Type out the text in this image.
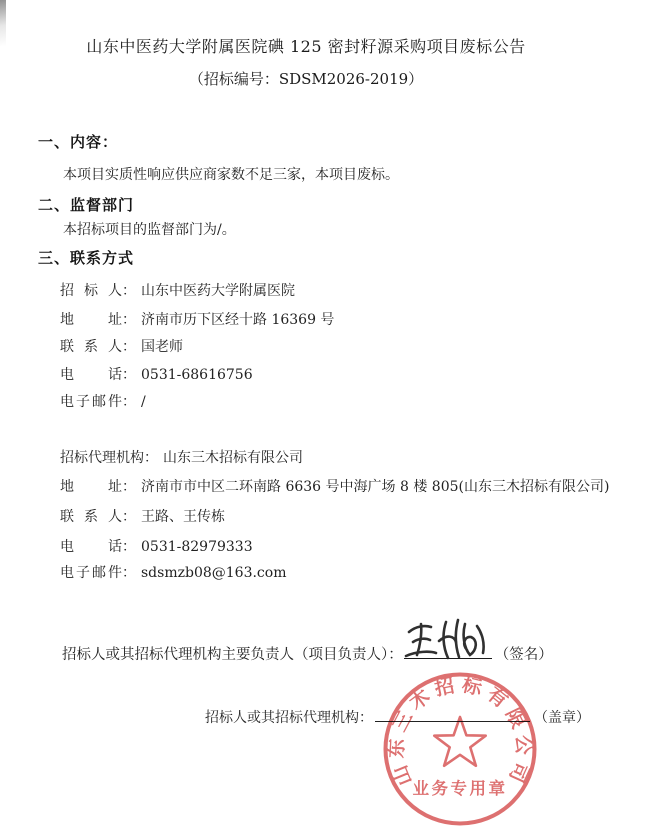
山东中医药大学附属医院碘 125 密封籽源采购项目废标公告
（招标编号：SDSM2026-2019）
一、内容：
本项目实质性响应供应商家数不足三家，本项目废标。
二、监督部门
本招标项目的监督部门为/。
三、联系方式
招标人： 山东中医药大学附属医院
地址： 济南市历下区经十路 16369 号
联系人： 国老师
电话： 0531-68616756
电子邮件： /
招标代理机构： 山东三木招标有限公司
地址： 济南市市中区二环南路 6636 号中海广场 8 楼 805(山东三木招标有限公司)
联系人： 王路、王传栋
电话： 0531-82979333
电子邮件： sdsmzb08@163.com
招标人或其招标代理机构主要负责人（项目负责人）：	（签名）
招标人或其招标代理机构：	（盖章）
山东三木招标有限公司
业务专用章
